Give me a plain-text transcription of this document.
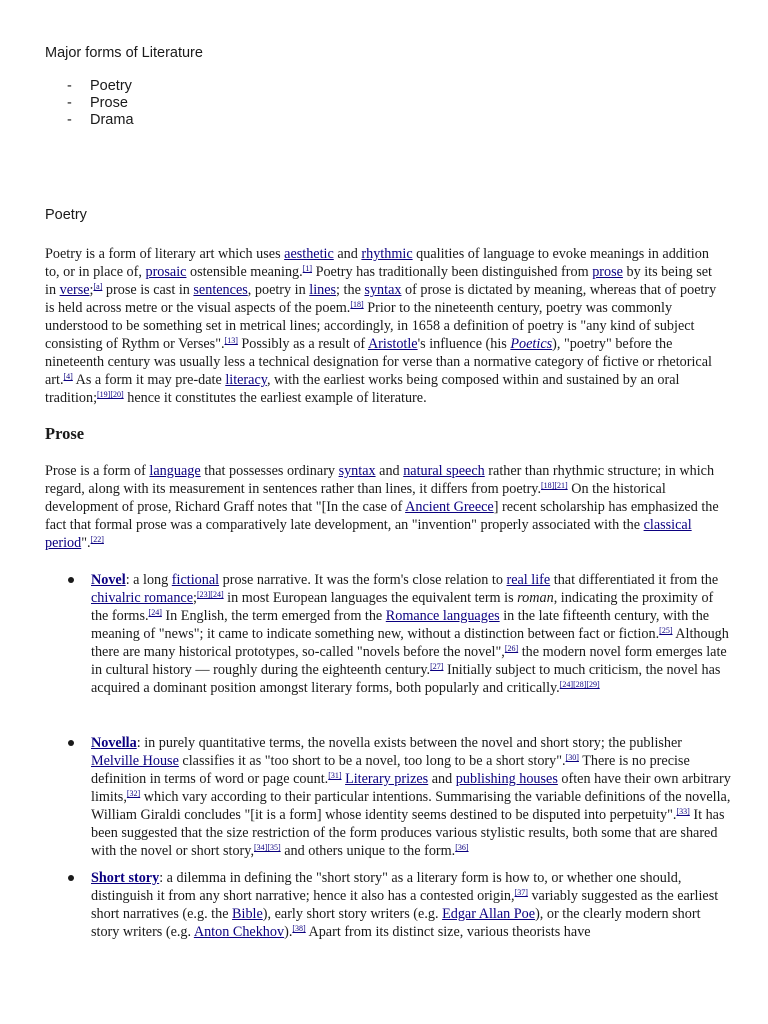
Major forms of Literature
- Poetry
- Prose
- Drama
Poetry

Poetry is a form of literary art which uses aesthetic and rhythmic qualities of language to evoke meanings in addition to, or in place of, prosaic ostensible meaning.[1] Poetry has traditionally been distinguished from prose by its being set in verse;[a] prose is cast in sentences, poetry in lines; the syntax of prose is dictated by meaning, whereas that of poetry is held across metre or the visual aspects of the poem.[18] Prior to the nineteenth century, poetry was commonly understood to be something set in metrical lines; accordingly, in 1658 a definition of poetry is "any kind of subject consisting of Rythm or Verses".[13] Possibly as a result of Aristotle's influence (his Poetics), "poetry" before the nineteenth century was usually less a technical designation for verse than a normative category of fictive or rhetorical art.[4] As a form it may pre-date literacy, with the earliest works being composed within and sustained by an oral tradition;[19][20] hence it constitutes the earliest example of literature.

Prose

Prose is a form of language that possesses ordinary syntax and natural speech rather than rhythmic structure; in which regard, along with its measurement in sentences rather than lines, it differs from poetry.[18][21] On the historical development of prose, Richard Graff notes that "[In the case of Ancient Greece] recent scholarship has emphasized the fact that formal prose was a comparatively late development, an "invention" properly associated with the classical period".[22]

Novel: a long fictional prose narrative. It was the form's close relation to real life that differentiated it from the chivalric romance;[23][24] in most European languages the equivalent term is roman, indicating the proximity of the forms.[24] In English, the term emerged from the Romance languages in the late fifteenth century, with the meaning of "news"; it came to indicate something new, without a distinction between fact or fiction.[25] Although there are many historical prototypes, so-called "novels before the novel",[26] the modern novel form emerges late in cultural history — roughly during the eighteenth century.[27] Initially subject to much criticism, the novel has acquired a dominant position amongst literary forms, both popularly and critically.[24][28][29]

Novella: in purely quantitative terms, the novella exists between the novel and short story; the publisher Melville House classifies it as "too short to be a novel, too long to be a short story".[30] There is no precise definition in terms of word or page count.[31] Literary prizes and publishing houses often have their own arbitrary limits,[32] which vary according to their particular intentions. Summarising the variable definitions of the novella, William Giraldi concludes "[it is a form] whose identity seems destined to be disputed into perpetuity".[33] It has been suggested that the size restriction of the form produces various stylistic results, both some that are shared with the novel or short story,[34][35] and others unique to the form.[36]

Short story: a dilemma in defining the "short story" as a literary form is how to, or whether one should, distinguish it from any short narrative; hence it also has a contested origin,[37] variably suggested as the earliest short narratives (e.g. the Bible), early short story writers (e.g. Edgar Allan Poe), or the clearly modern short story writers (e.g. Anton Chekhov).[38] Apart from its distinct size, various theorists have
